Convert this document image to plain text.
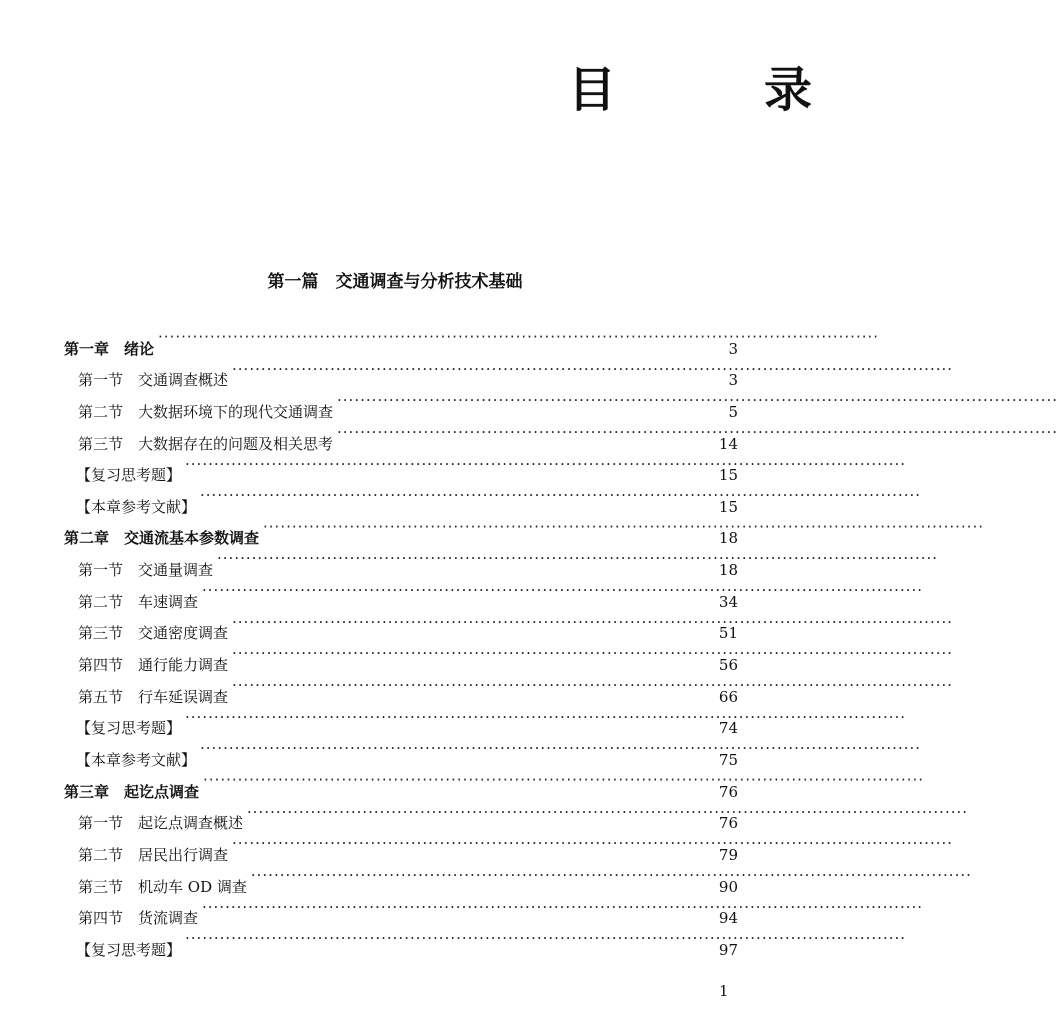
目　录
第一篇　交通调查与分析技术基础
第一章　绪论 ·····	3
第一节　交通调查概述 ·····	3
第二节　大数据环境下的现代交通调查 ·····	5
第三节　大数据存在的问题及相关思考 ·····	14
【复习思考题】 ·····	15
【本章参考文献】 ·····	15
第二章　交通流基本参数调查 ·····	18
第一节　交通量调查 ·····	18
第二节　车速调查 ·····	34
第三节　交通密度调查 ·····	51
第四节　通行能力调查 ·····	56
第五节　行车延误调查 ·····	66
【复习思考题】 ·····	74
【本章参考文献】 ·····	75
第三章　起讫点调查 ·····	76
第一节　起讫点调查概述 ·····	76
第二节　居民出行调查 ·····	79
第三节　机动车 OD 调查 ·····	90
第四节　货流调查 ·····	94
【复习思考题】 ·····	97
1
